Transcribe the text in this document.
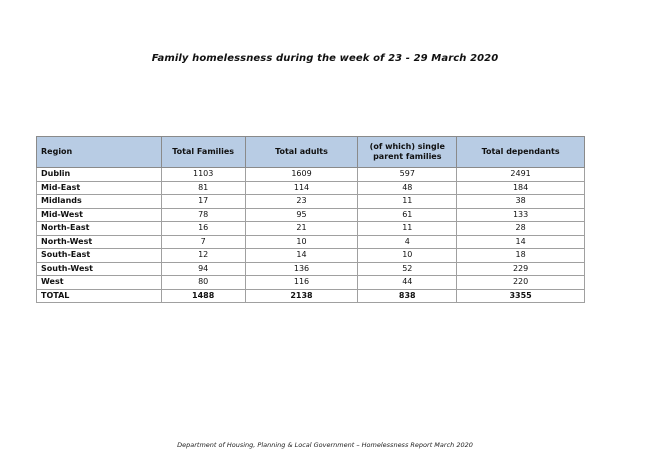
Family homelessness during the week of 23 - 29 March 2020
Region	Total Families	Total adults	(of which) single parent families	Total dependants
Dublin	1103	1609	597	2491
Mid-East	81	114	48	184
Midlands	17	23	11	38
Mid-West	78	95	61	133
North-East	16	21	11	28
North-West	7	10	4	14
South-East	12	14	10	18
South-West	94	136	52	229
West	80	116	44	220
TOTAL	1488	2138	838	3355
Department of Housing, Planning & Local Government – Homelessness Report March 2020
